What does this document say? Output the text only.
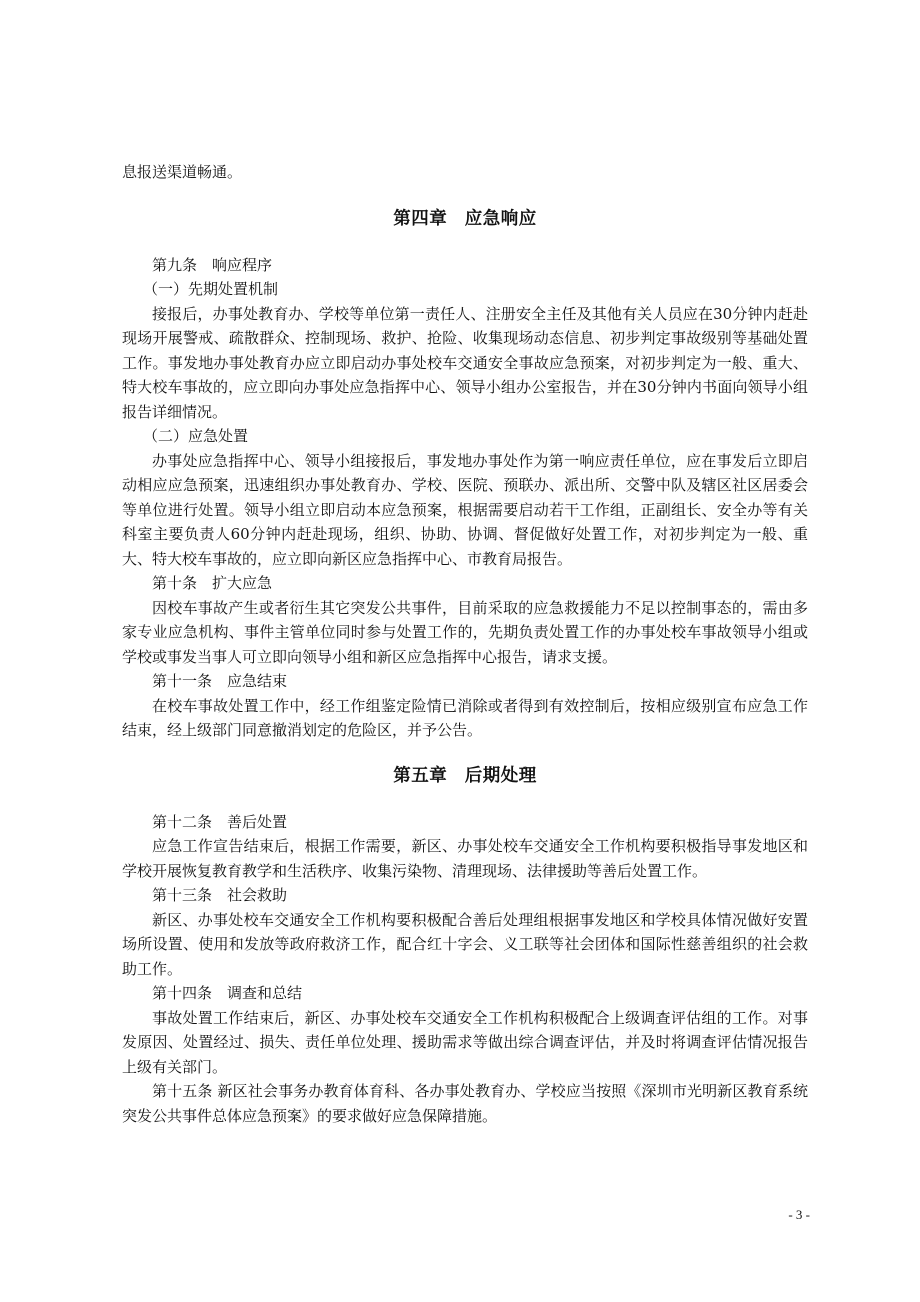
息报送渠道畅通。

第四章 应急响应

第九条 响应程序

（一）先期处置机制

接报后，办事处教育办、学校等单位第一责任人、注册安全主任及其他有关人员应在30分钟内赶赴现场开展警戒、疏散群众、控制现场、救护、抢险、收集现场动态信息、初步判定事故级别等基础处置工作。事发地办事处教育办应立即启动办事处校车交通安全事故应急预案，对初步判定为一般、重大、特大校车事故的，应立即向办事处应急指挥中心、领导小组办公室报告，并在30分钟内书面向领导小组报告详细情况。

（二）应急处置

办事处应急指挥中心、领导小组接报后，事发地办事处作为第一响应责任单位，应在事发后立即启动相应应急预案，迅速组织办事处教育办、学校、医院、预联办、派出所、交警中队及辖区社区居委会等单位进行处置。领导小组立即启动本应急预案，根据需要启动若干工作组，正副组长、安全办等有关科室主要负责人60分钟内赶赴现场，组织、协助、协调、督促做好处置工作，对初步判定为一般、重大、特大校车事故的，应立即向新区应急指挥中心、市教育局报告。

第十条 扩大应急

因校车事故产生或者衍生其它突发公共事件，目前采取的应急救援能力不足以控制事态的，需由多家专业应急机构、事件主管单位同时参与处置工作的，先期负责处置工作的办事处校车事故领导小组或学校或事发当事人可立即向领导小组和新区应急指挥中心报告，请求支援。

第十一条 应急结束

在校车事故处置工作中，经工作组鉴定险情已消除或者得到有效控制后，按相应级别宣布应急工作结束，经上级部门同意撤消划定的危险区，并予公告。

第五章 后期处理

第十二条 善后处置

应急工作宣告结束后，根据工作需要，新区、办事处校车交通安全工作机构要积极指导事发地区和学校开展恢复教育教学和生活秩序、收集污染物、清理现场、法律援助等善后处置工作。

第十三条 社会救助

新区、办事处校车交通安全工作机构要积极配合善后处理组根据事发地区和学校具体情况做好安置场所设置、使用和发放等政府救济工作，配合红十字会、义工联等社会团体和国际性慈善组织的社会救助工作。

第十四条 调查和总结

事故处置工作结束后，新区、办事处校车交通安全工作机构积极配合上级调查评估组的工作。对事发原因、处置经过、损失、责任单位处理、援助需求等做出综合调查评估，并及时将调查评估情况报告上级有关部门。

第十五条 新区社会事务办教育体育科、各办事处教育办、学校应当按照《深圳市光明新区教育系统突发公共事件总体应急预案》的要求做好应急保障措施。

- 3 -
